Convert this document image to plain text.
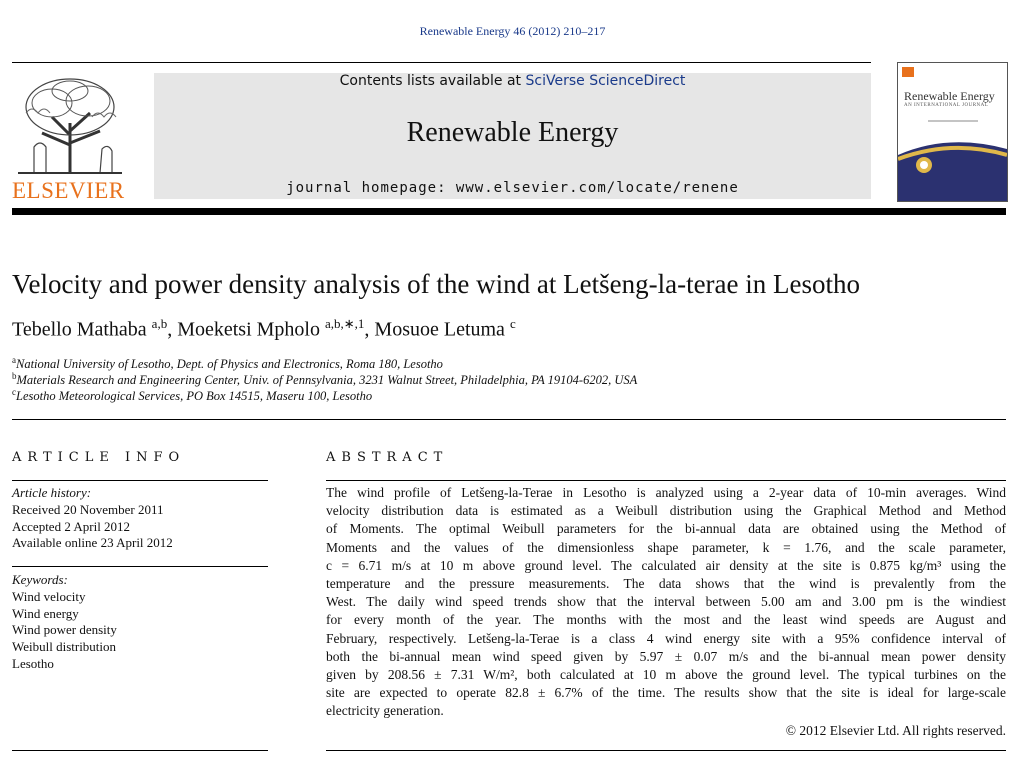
Renewable Energy 46 (2012) 210–217
ELSEVIER
Contents lists available at SciVerse ScienceDirect
Renewable Energy
journal homepage: www.elsevier.com/locate/renene
Renewable Energy
AN INTERNATIONAL JOURNAL
Velocity and power density analysis of the wind at Letšeng-la-terae in Lesotho
Tebello Mathaba $^{a,b}$, Moeketsi Mpholo $^{a,b,∗,1}$, Mosuoe Letuma $^c$
$^a$National University of Lesotho, Dept. of Physics and Electronics, Roma 180, Lesotho
$^b$Materials Research and Engineering Center, Univ. of Pennsylvania, 3231 Walnut Street, Philadelphia, PA 19104-6202, USA
$^c$Lesotho Meteorological Services, PO Box 14515, Maseru 100, Lesotho
ARTICLE INFO
Article history:
Received 20 November 2011
Accepted 2 April 2012
Available online 23 April 2012
Keywords:
Wind velocity
Wind energy
Wind power density
Weibull distribution
Lesotho
ABSTRACT
The wind profile of Letšeng-la-Terae in Lesotho is analyzed using a 2-year data of 10-min averages. Wind
velocity distribution data is estimated as a Weibull distribution using the Graphical Method and Method
of Moments. The optimal Weibull parameters for the bi-annual data are obtained using the Method of
Moments and the values of the dimensionless shape parameter, k = 1.76, and the scale parameter,
c = 6.71 m/s at 10 m above ground level. The calculated air density at the site is 0.875 kg/m³ using the
temperature and the pressure measurements. The data shows that the wind is prevalently from the
West. The daily wind speed trends show that the interval between 5.00 am and 3.00 pm is the windiest
for every month of the year. The months with the most and the least wind speeds are August and
February, respectively. Letšeng-la-Terae is a class 4 wind energy site with a 95% confidence interval of
both the bi-annual mean wind speed given by 5.97 ± 0.07 m/s and the bi-annual mean power density
given by 208.56 ± 7.31 W/m², both calculated at 10 m above the ground level. The typical turbines on the
site are expected to operate 82.8 ± 6.7% of the time. The results show that the site is ideal for large-scale
electricity generation.
© 2012 Elsevier Ltd. All rights reserved.
